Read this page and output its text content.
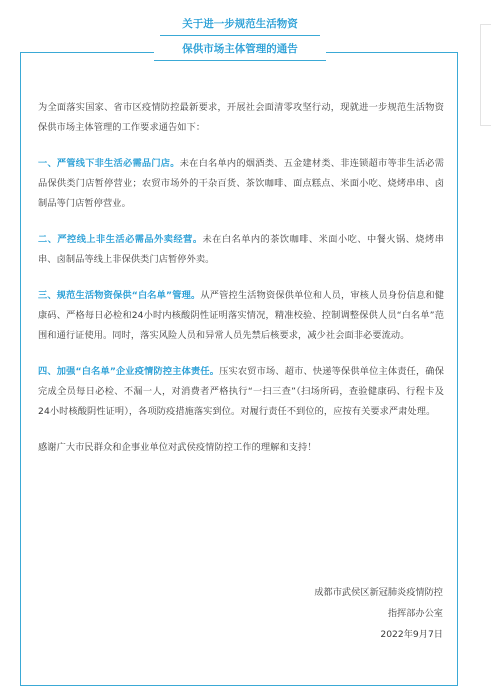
关于进一步规范生活物资
保供市场主体管理的通告

为全面落实国家、省市区疫情防控最新要求，开展社会面清零攻坚行动，现就进一步规范生活物资保供市场主体管理的工作要求通告如下：

一、严管线下非生活必需品门店。未在白名单内的烟酒类、五金建材类、非连锁超市等非生活必需品保供类门店暂停营业；农贸市场外的干杂百货、茶饮咖啡、面点糕点、米面小吃、烧烤串串、卤制品等门店暂停营业。

二、严控线上非生活必需品外卖经营。未在白名单内的茶饮咖啡、米面小吃、中餐火锅、烧烤串串、卤制品等线上非保供类门店暂停外卖。

三、规范生活物资保供“白名单”管理。从严管控生活物资保供单位和人员，审核人员身份信息和健康码、严格每日必检和24小时内核酸阴性证明落实情况，精准校验、控制调整保供人员“白名单”范围和通行证使用。同时，落实风险人员和异常人员先禁后核要求，减少社会面非必要流动。

四、加强“白名单”企业疫情防控主体责任。压实农贸市场、超市、快递等保供单位主体责任，确保完成全员每日必检、不漏一人，对消费者严格执行“一扫三查”（扫场所码，查验健康码、行程卡及24小时核酸阴性证明），各项防疫措施落实到位。对履行责任不到位的，应按有关要求严肃处理。

感谢广大市民群众和企事业单位对武侯疫情防控工作的理解和支持！

成都市武侯区新冠肺炎疫情防控
指挥部办公室
2022年9月7日
